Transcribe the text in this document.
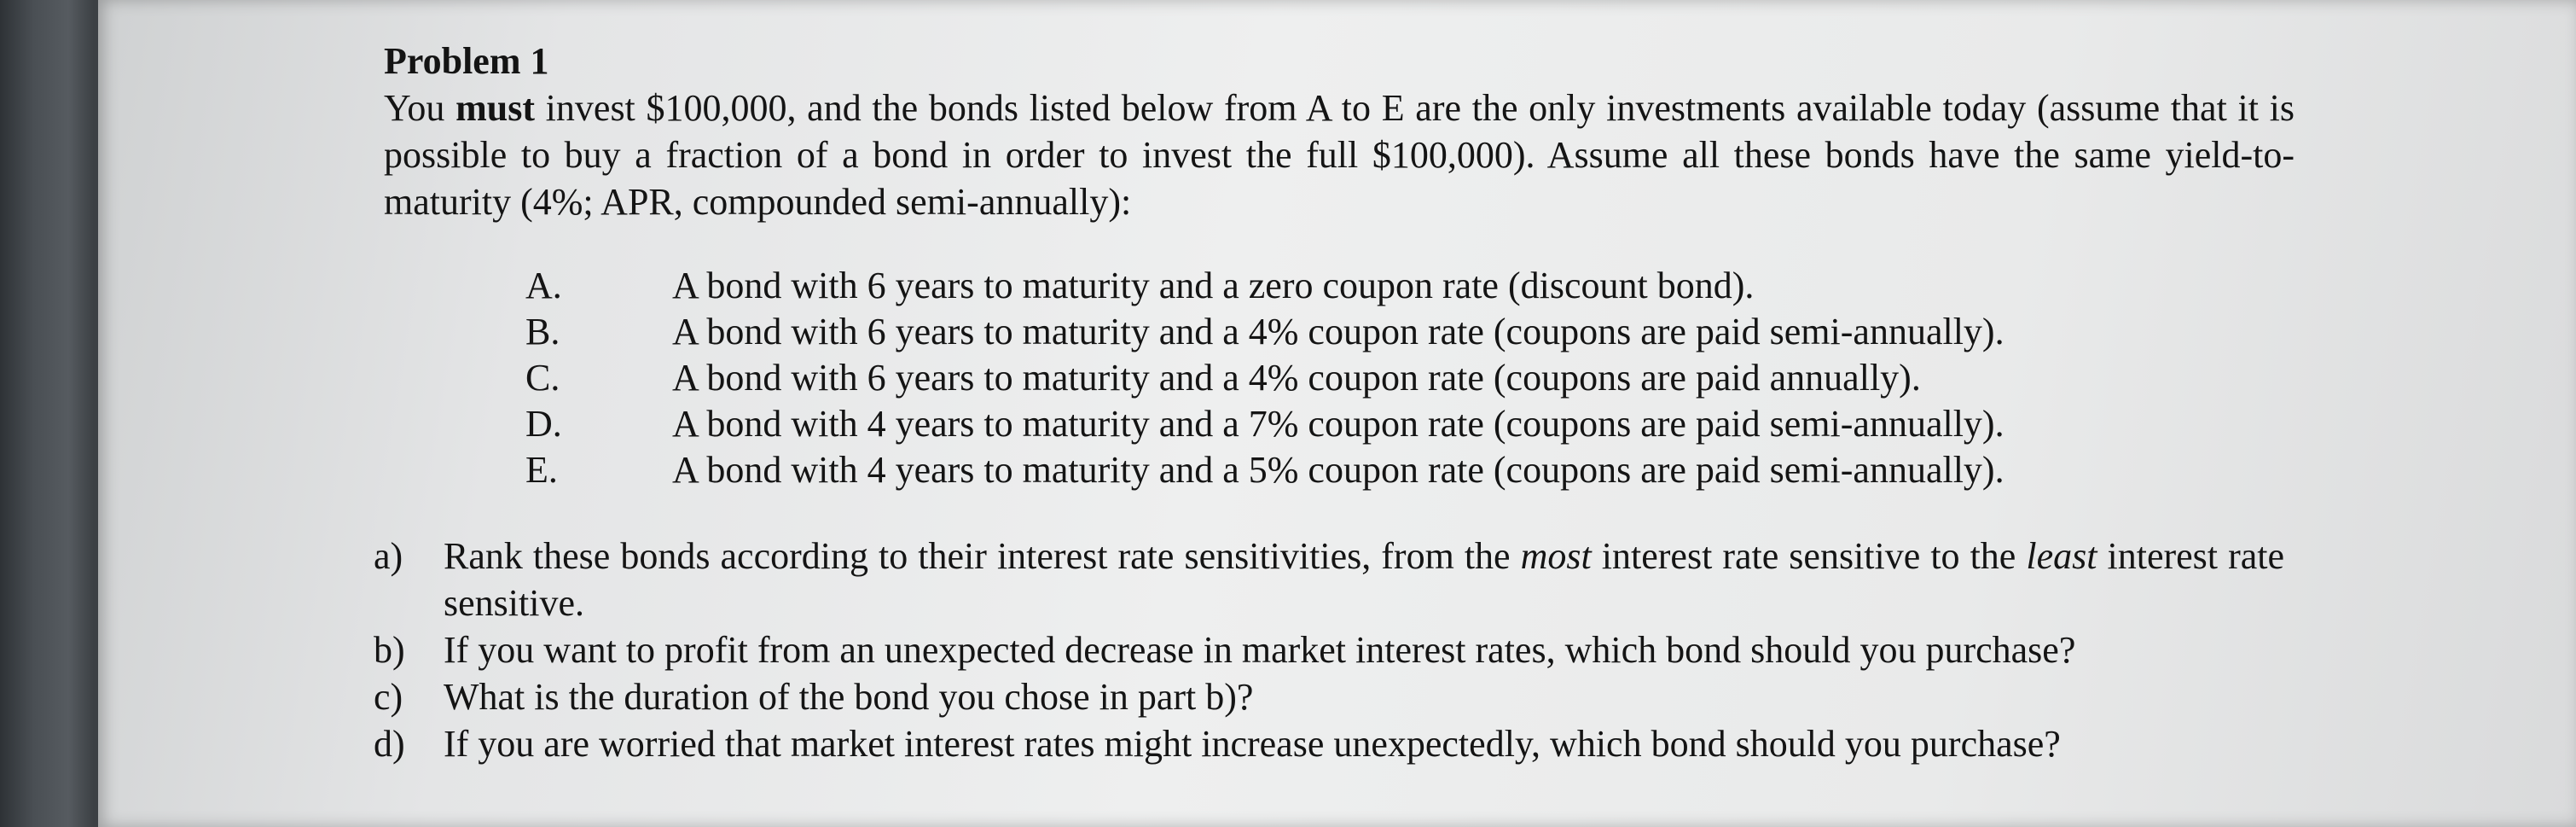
Problem 1

You must invest $100,000, and the bonds listed below from A to E are the only investments available today (assume that it is possible to buy a fraction of a bond in order to invest the full $100,000). Assume all these bonds have the same yield-to-maturity (4%; APR, compounded semi-annually):

A.	A bond with 6 years to maturity and a zero coupon rate (discount bond).
B.	A bond with 6 years to maturity and a 4% coupon rate (coupons are paid semi-annually).
C.	A bond with 6 years to maturity and a 4% coupon rate (coupons are paid annually).
D.	A bond with 4 years to maturity and a 7% coupon rate (coupons are paid semi-annually).
E.	A bond with 4 years to maturity and a 5% coupon rate (coupons are paid semi-annually).
a)	Rank these bonds according to their interest rate sensitivities, from the most interest rate sensitive to the least interest rate sensitive.
b)	If you want to profit from an unexpected decrease in market interest rates, which bond should you purchase?
c)	What is the duration of the bond you chose in part b)?
d)	If you are worried that market interest rates might increase unexpectedly, which bond should you purchase?
